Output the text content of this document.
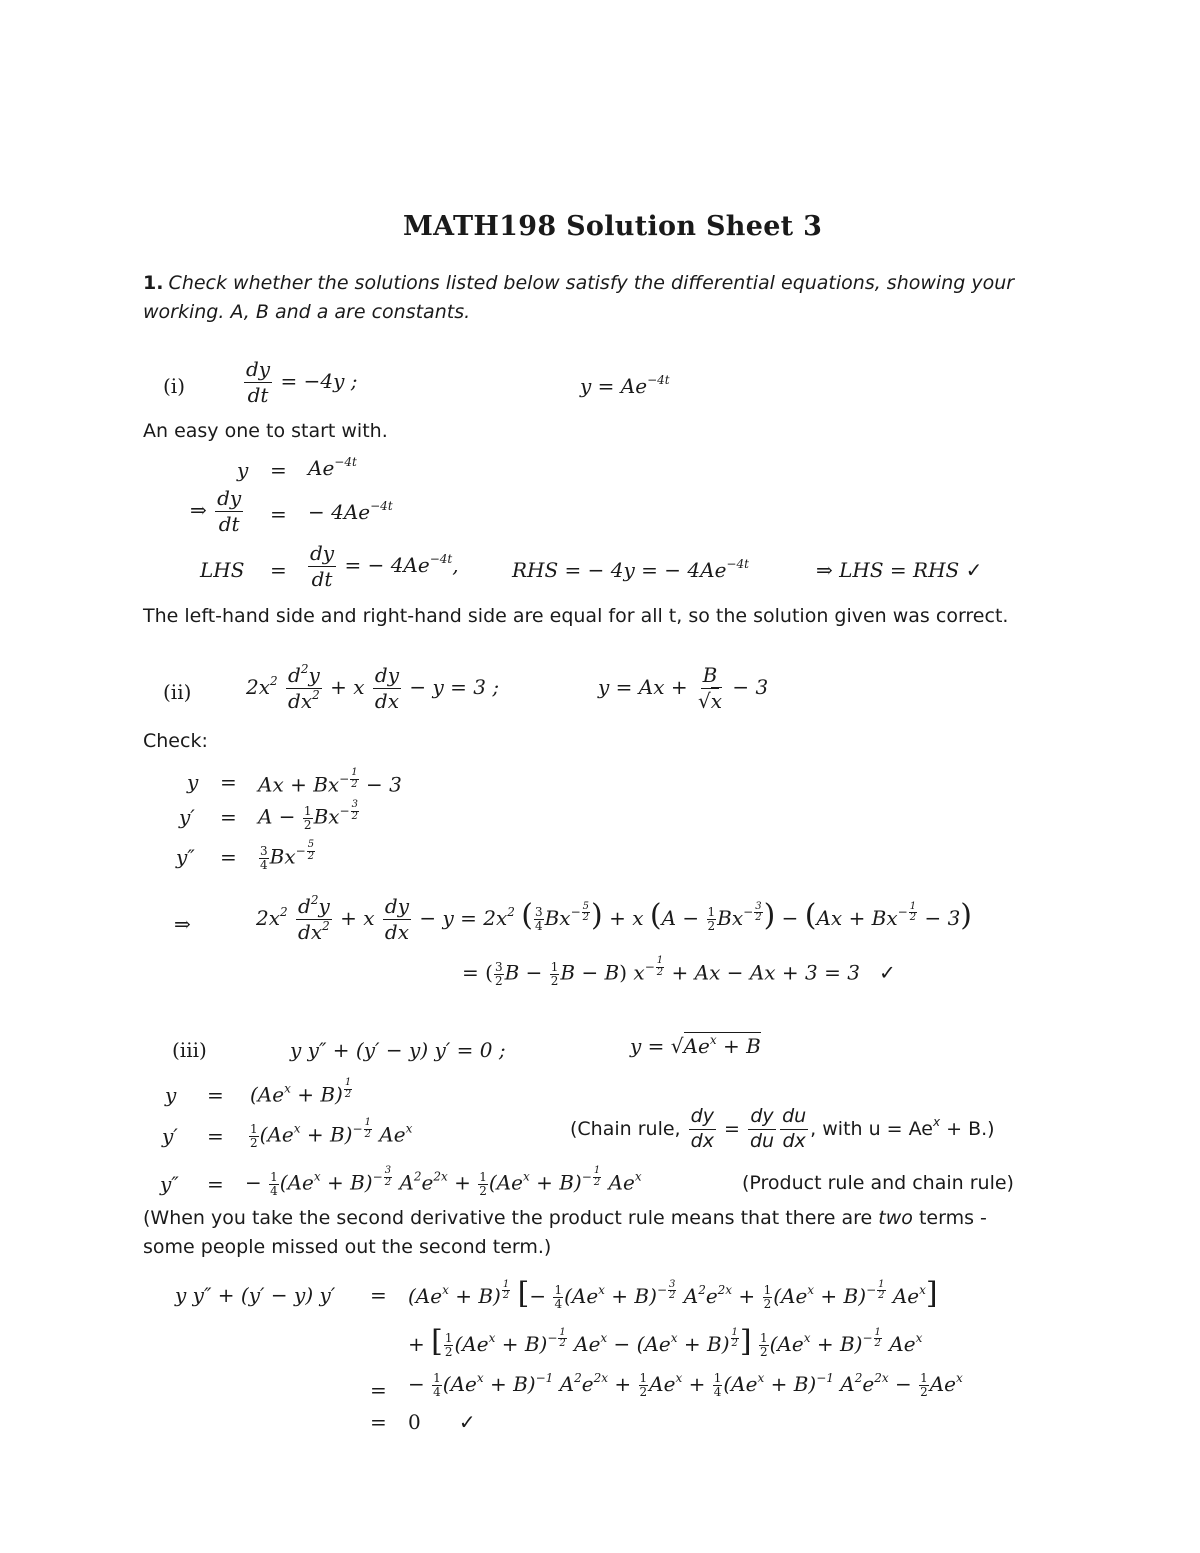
MATH198 Solution Sheet 3
1. Check whether the solutions listed below satisfy the differential equations, showing your
working. A, B and a are constants.
(i)	$\frac{dy}{dt} = -4y$ ;	$y = Ae^{-4t}$
An easy one to start with.
$y = Ae^{-4t}$
⇒ $\frac{dy}{dt}$ = − $4Ae^{-4t}$
LHS = $\frac{dy}{dt}$ = − $4Ae^{-4t}$,	RHS = − 4y = − $4Ae^{-4t}$	⇒ LHS = RHS ✓
The left-hand side and right-hand side are equal for all t, so the solution given was correct.
(ii)	$2x^2 \frac{d^2y}{dx^2} + x \frac{dy}{dx} - y = 3$ ;	$y = Ax + \frac{B}{√x} - 3$
Check:
$y = Ax + Bx^{- \frac{1}{2}} - 3$
$y' = A - \frac{1}{2} Bx^{- \frac{3}{2}}$
$y'' = \frac{3}{4} Bx^{- \frac{5}{2}}$
⇒	$2x^2 \frac{d^2y}{dx^2} + x \frac{dy}{dx} - y = 2x^2$ ( $\frac{3}{4} Bx^{- \frac{5}{2}}$ ) + x ($A - \frac{1}{2} Bx^{- \frac{3}{2}}$ ) − $(Ax + Bx^{- \frac{1}{2}} - 3)$
= ( $\frac{3}{2}$ $B - \frac{1}{2}$ B − B) $x^{- \frac{1}{2}} + Ax - Ax + 3 = 3$   ✓
(iii)	y y″ + (y′ − y) y′ = 0 ;	$y = √Ae^x + B$
$y = (Ae^x + B)$ $^{\frac{1}{2}}$
$y' = \frac{1}{2} (Ae^x + B)^{- \frac{1}{2}}$ Ae$^x$	(Chain rule, $\frac{dy}{dx} = \frac{dy}{du} \frac{du}{dx}$ , with $u = Ae^x + B$.)
y″ = − $\frac{1}{4} (Ae^x + B)^{- \frac{3}{2}}$ $A^2e^{2x} + \frac{1}{2} (Ae^x + B)^{- \frac{1}{2}}$ Ae$^x$	(Product rule and chain rule)
(When you take the second derivative the product rule means that there are two terms -
some people missed out the second term.)
y y″ + (y′ − y) $y' = (Ae^x + B)$ $^{\frac{1}{2}}$ [− $\frac{1}{4} (Ae^x + B)^{- \frac{3}{2}}$ $A^2e^{2x} + \frac{1}{2} (Ae^x + B)^{- \frac{1}{2}}$ $Ae^x$]
+ [ $\frac{1}{2} (Ae^x + B)^{- \frac{1}{2}}$ $Ae^x - (Ae^x + B)$ $^{\frac{1}{2}}$ ] $\frac{1}{2} (Ae^x + B)^{- \frac{1}{2}}$ $Ae^x$
= − $\frac{1}{4} (Ae^x + B)^{-1}$ $A^2e^{2x} + \frac{1}{2} Ae^x + \frac{1}{4} (Ae^x + B)^{-1}$ $A^2e^{2x} - \frac{1}{2} Ae^x$
= 0      ✓
